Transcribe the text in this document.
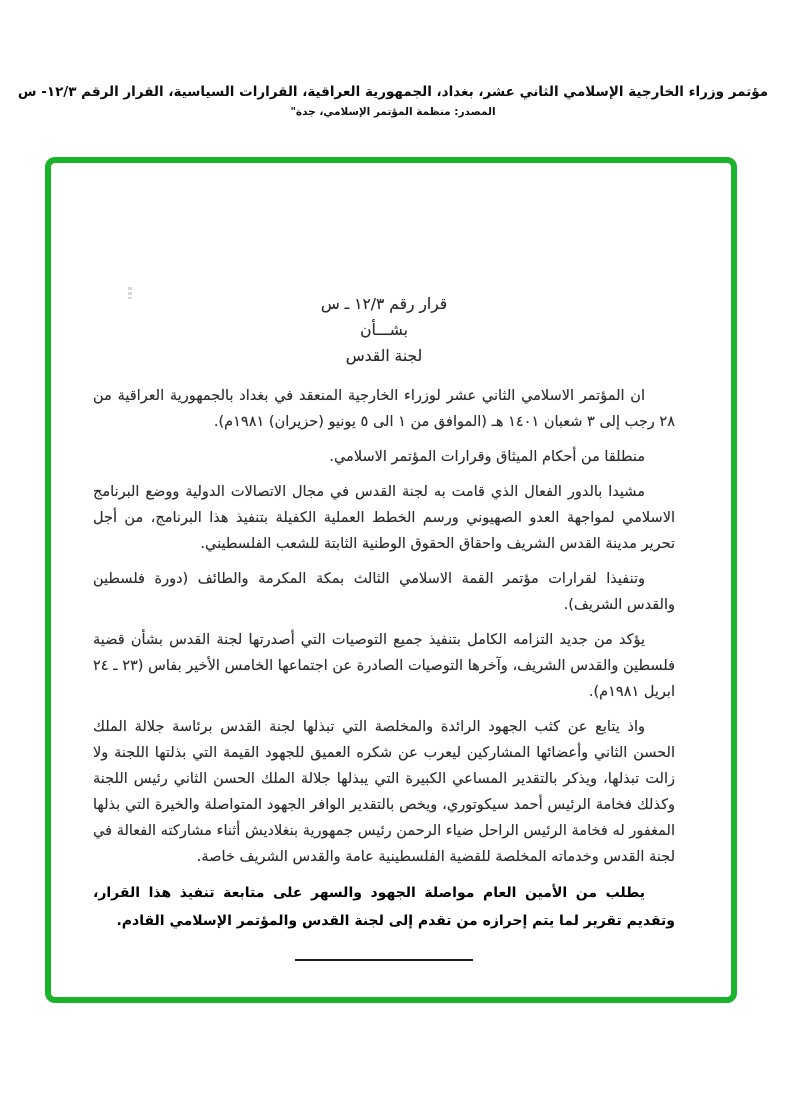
مؤتمر وزراء الخارجية الإسلامي الثاني عشر، بغداد، الجمهورية العراقية، القرارات السياسية، القرار الرقم ١٢/٣- س
المصدر: منظمة المؤتمر الإسلامي، جدة"
قرار رقم ١٢/٣ ـ س
بشـــأن
لجنة القدس
ان المؤتمر الاسلامي الثاني عشر لوزراء الخارجية المنعقد في بغداد بالجمهورية العراقية من ٢٨ رجب إلى ٣ شعبان ١٤٠١ هـ (الموافق من ١ الى ٥ يونيو (حزيران) ١٩٨١م).
منطلقا من أحكام الميثاق وقرارات المؤتمر الاسلامي.
مشيدا بالدور الفعال الذي قامت به لجنة القدس في مجال الاتصالات الدولية ووضع البرنامج الاسلامي لمواجهة العدو الصهيوني ورسم الخطط العملية الكفيلة بتنفيذ هذا البرنامج، من أجل تحرير مدينة القدس الشريف واحقاق الحقوق الوطنية الثابتة للشعب الفلسطيني.
وتنفيذا لقرارات مؤتمر القمة الاسلامي الثالث بمكة المكرمة والطائف (دورة فلسطين والقدس الشريف).
يؤكد من جديد التزامه الكامل بتنفيذ جميع التوصيات التي أصدرتها لجنة القدس بشأن قضية فلسطين والقدس الشريف، وآخرها التوصيات الصادرة عن اجتماعها الخامس الأخير بفاس (٢٣ ـ ٢٤ ابريل ١٩٨١م).
واذ يتابع عن كثب الجهود الرائدة والمخلصة التي تبذلها لجنة القدس برئاسة جلالة الملك الحسن الثاني وأعضائها المشاركين ليعرب عن شكره العميق للجهود القيمة التي بذلتها اللجنة ولا زالت تبذلها، ويذكر بالتقدير المساعي الكبيرة التي يبذلها جلالة الملك الحسن الثاني رئيس اللجنة وكذلك فخامة الرئيس أحمد سيكوتوري، ويخص بالتقدير الوافر الجهود المتواصلة والخيرة التي بذلها المغفور له فخامة الرئيس الراحل ضياء الرحمن رئيس جمهورية بنغلاديش أثناء مشاركته الفعالة في لجنة القدس وخدماته المخلصة للقضية الفلسطينية عامة والقدس الشريف خاصة.
يطلب من الأمين العام مواصلة الجهود والسهر على متابعة تنفيذ هذا القرار، وتقديم تقرير لما يتم إحرازه من تقدم إلى لجنة القدس والمؤتمر الإسلامي القادم.
